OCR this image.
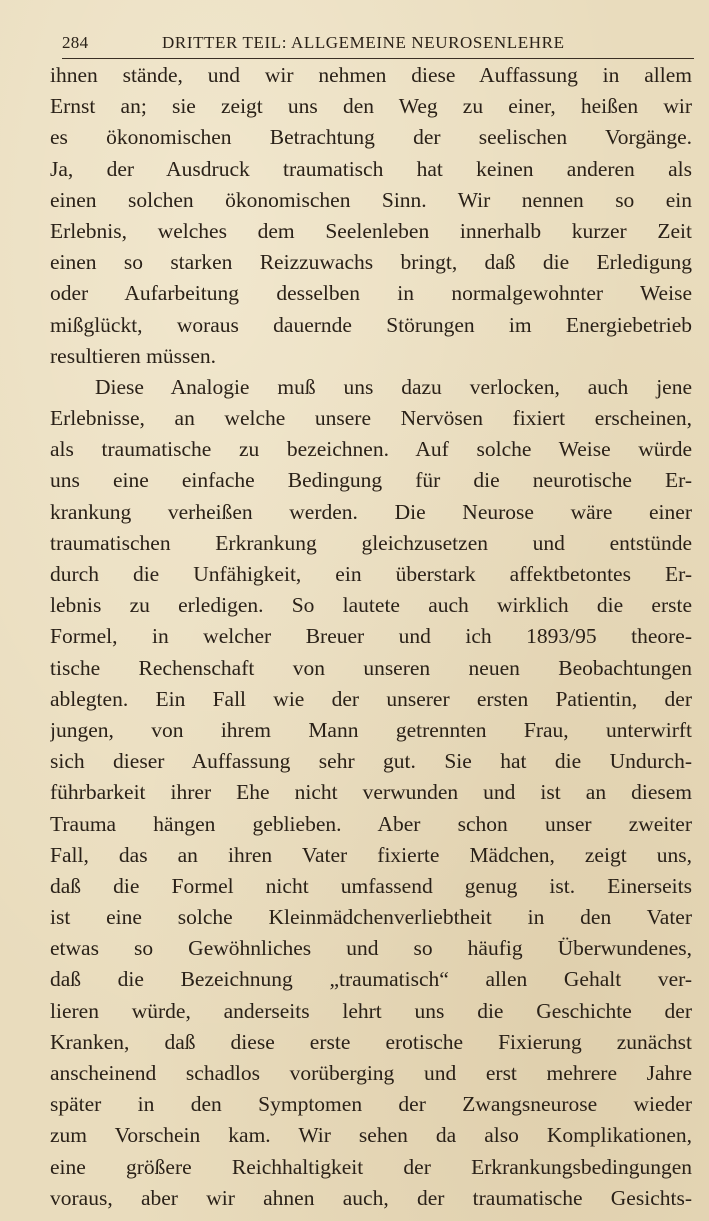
284	DRITTER TEIL: ALLGEMEINE NEUROSENLEHRE
ihnen stände, und wir nehmen diese Auffassung in allem
Ernst an; sie zeigt uns den Weg zu einer, heißen wir
es ökonomischen Betrachtung der seelischen Vorgänge.
Ja, der Ausdruck traumatisch hat keinen anderen als
einen solchen ökonomischen Sinn. Wir nennen so ein
Erlebnis, welches dem Seelenleben innerhalb kurzer Zeit
einen so starken Reizzuwachs bringt, daß die Erledigung
oder Aufarbeitung desselben in normalgewohnter Weise
mißglückt, woraus dauernde Störungen im Energiebetrieb
resultieren müssen.
Diese Analogie muß uns dazu verlocken, auch jene
Erlebnisse, an welche unsere Nervösen fixiert erscheinen,
als traumatische zu bezeichnen. Auf solche Weise würde
uns eine einfache Bedingung für die neurotische Er-
krankung verheißen werden. Die Neurose wäre einer
traumatischen Erkrankung gleichzusetzen und entstünde
durch die Unfähigkeit, ein überstark affektbetontes Er-
lebnis zu erledigen. So lautete auch wirklich die erste
Formel, in welcher Breuer und ich 1893/95 theore-
tische Rechenschaft von unseren neuen Beobachtungen
ablegten. Ein Fall wie der unserer ersten Patientin, der
jungen, von ihrem Mann getrennten Frau, unterwirft
sich dieser Auffassung sehr gut. Sie hat die Undurch-
führbarkeit ihrer Ehe nicht verwunden und ist an diesem
Trauma hängen geblieben. Aber schon unser zweiter
Fall, das an ihren Vater fixierte Mädchen, zeigt uns,
daß die Formel nicht umfassend genug ist. Einerseits
ist eine solche Kleinmädchenverliebtheit in den Vater
etwas so Gewöhnliches und so häufig Überwundenes,
daß die Bezeichnung „traumatisch“ allen Gehalt ver-
lieren würde, anderseits lehrt uns die Geschichte der
Kranken, daß diese erste erotische Fixierung zunächst
anscheinend schadlos vorüberging und erst mehrere Jahre
später in den Symptomen der Zwangsneurose wieder
zum Vorschein kam. Wir sehen da also Komplikationen,
eine größere Reichhaltigkeit der Erkrankungsbedingungen
voraus, aber wir ahnen auch, der traumatische Gesichts-
